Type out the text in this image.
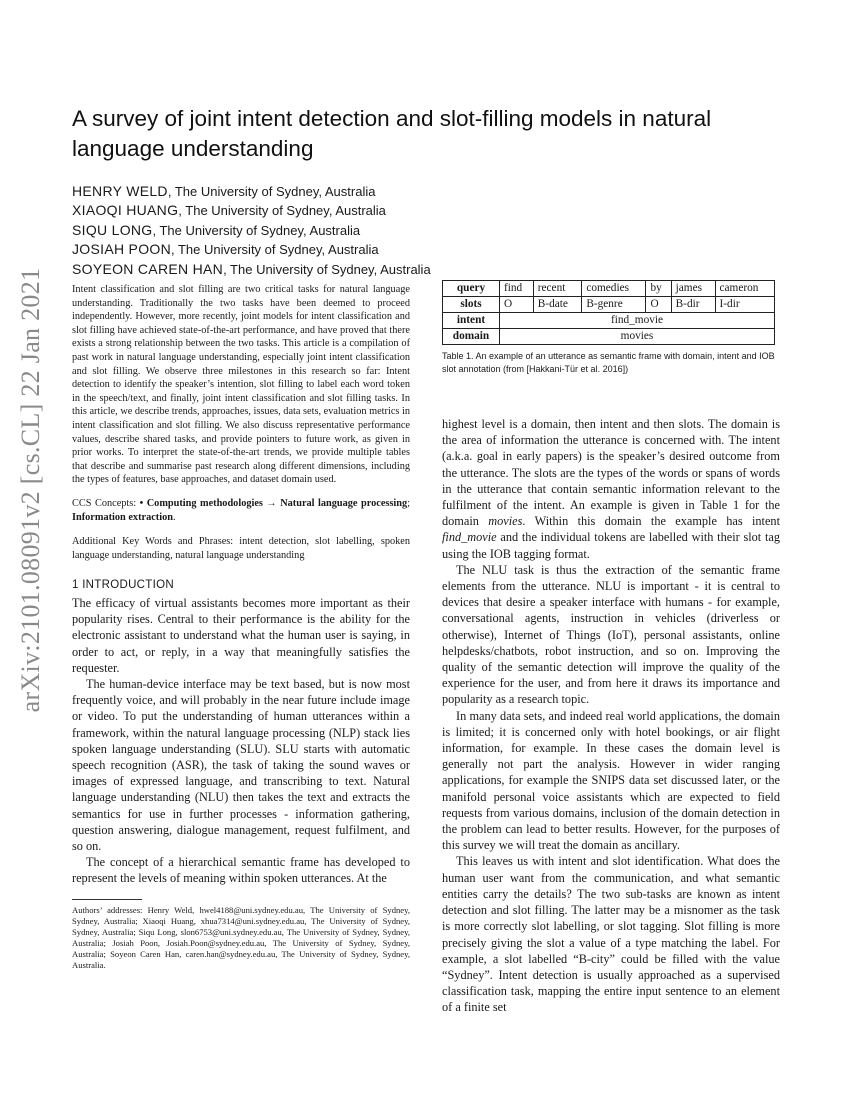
arXiv:2101.08091v2 [cs.CL] 22 Jan 2021
A survey of joint intent detection and slot-filling models in natural language understanding
HENRY WELD, The University of Sydney, Australia
XIAOQI HUANG, The University of Sydney, Australia
SIQU LONG, The University of Sydney, Australia
JOSIAH POON, The University of Sydney, Australia
SOYEON CAREN HAN, The University of Sydney, Australia

Intent classification and slot filling are two critical tasks for natural language understanding. Traditionally the two tasks have been deemed to proceed independently. However, more recently, joint models for intent classification and slot filling have achieved state-of-the-art performance, and have proved that there exists a strong relationship between the two tasks. This article is a compilation of past work in natural language understanding, especially joint intent classification and slot filling. We observe three milestones in this research so far: Intent detection to identify the speaker’s intention, slot filling to label each word token in the speech/text, and finally, joint intent classification and slot filling tasks. In this article, we describe trends, approaches, issues, data sets, evaluation metrics in intent classification and slot filling. We also discuss representative performance values, describe shared tasks, and provide pointers to future work, as given in prior works. To interpret the state-of-the-art trends, we provide multiple tables that describe and summarise past research along different dimensions, including the types of features, base approaches, and dataset domain used.

CCS Concepts: • Computing methodologies → Natural language processing; Information extraction.

Additional Key Words and Phrases: intent detection, slot labelling, spoken language understanding, natural language understanding

1 INTRODUCTION

The efficacy of virtual assistants becomes more important as their popularity rises. Central to their performance is the ability for the electronic assistant to understand what the human user is saying, in order to act, or reply, in a way that meaningfully satisfies the requester.

The human-device interface may be text based, but is now most frequently voice, and will probably in the near future include image or video. To put the understanding of human utterances within a framework, within the natural language processing (NLP) stack lies spoken language understanding (SLU). SLU starts with automatic speech recognition (ASR), the task of taking the sound waves or images of expressed language, and transcribing to text. Natural language understanding (NLU) then takes the text and extracts the semantics for use in further processes - information gathering, question answering, dialogue management, request fulfilment, and so on.

The concept of a hierarchical semantic frame has developed to represent the levels of meaning within spoken utterances. At the

Authors’ addresses: Henry Weld, hwel4188@uni.sydney.edu.au, The University of Sydney, Sydney, Australia; Xiaoqi Huang, xhua7314@uni.sydney.edu.au, The University of Sydney, Sydney, Australia; Siqu Long, slon6753@uni.sydney.edu.au, The University of Sydney, Sydney, Australia; Josiah Poon, Josiah.Poon@sydney.edu.au, The University of Sydney, Sydney, Australia; Soyeon Caren Han, caren.han@sydney.edu.au, The University of Sydney, Sydney, Australia.

query	find	recent	comedies	by	james	cameron
slots	O	B-date	B-genre	O	B-dir	I-dir
intent	find_movie					
domain	movies					
Table 1. An example of an utterance as semantic frame with domain, intent and IOB slot annotation (from [Hakkani-Tür et al. 2016])

highest level is a domain, then intent and then slots. The domain is the area of information the utterance is concerned with. The intent (a.k.a. goal in early papers) is the speaker’s desired outcome from the utterance. The slots are the types of the words or spans of words in the utterance that contain semantic information relevant to the fulfilment of the intent. An example is given in Table 1 for the domain movies. Within this domain the example has intent find_movie and the individual tokens are labelled with their slot tag using the IOB tagging format.

The NLU task is thus the extraction of the semantic frame elements from the utterance. NLU is important - it is central to devices that desire a speaker interface with humans - for example, conversational agents, instruction in vehicles (driverless or otherwise), Internet of Things (IoT), personal assistants, online helpdesks/chatbots, robot instruction, and so on. Improving the quality of the semantic detection will improve the quality of the experience for the user, and from here it draws its importance and popularity as a research topic.

In many data sets, and indeed real world applications, the domain is limited; it is concerned only with hotel bookings, or air flight information, for example. In these cases the domain level is generally not part the analysis. However in wider ranging applications, for example the SNIPS data set discussed later, or the manifold personal voice assistants which are expected to field requests from various domains, inclusion of the domain detection in the problem can lead to better results. However, for the purposes of this survey we will treat the domain as ancillary.

This leaves us with intent and slot identification. What does the human user want from the communication, and what semantic entities carry the details? The two sub-tasks are known as intent detection and slot filling. The latter may be a misnomer as the task is more correctly slot labelling, or slot tagging. Slot filling is more precisely giving the slot a value of a type matching the label. For example, a slot labelled “B-city” could be filled with the value “Sydney”. Intent detection is usually approached as a supervised classification task, mapping the entire input sentence to an element of a finite set
